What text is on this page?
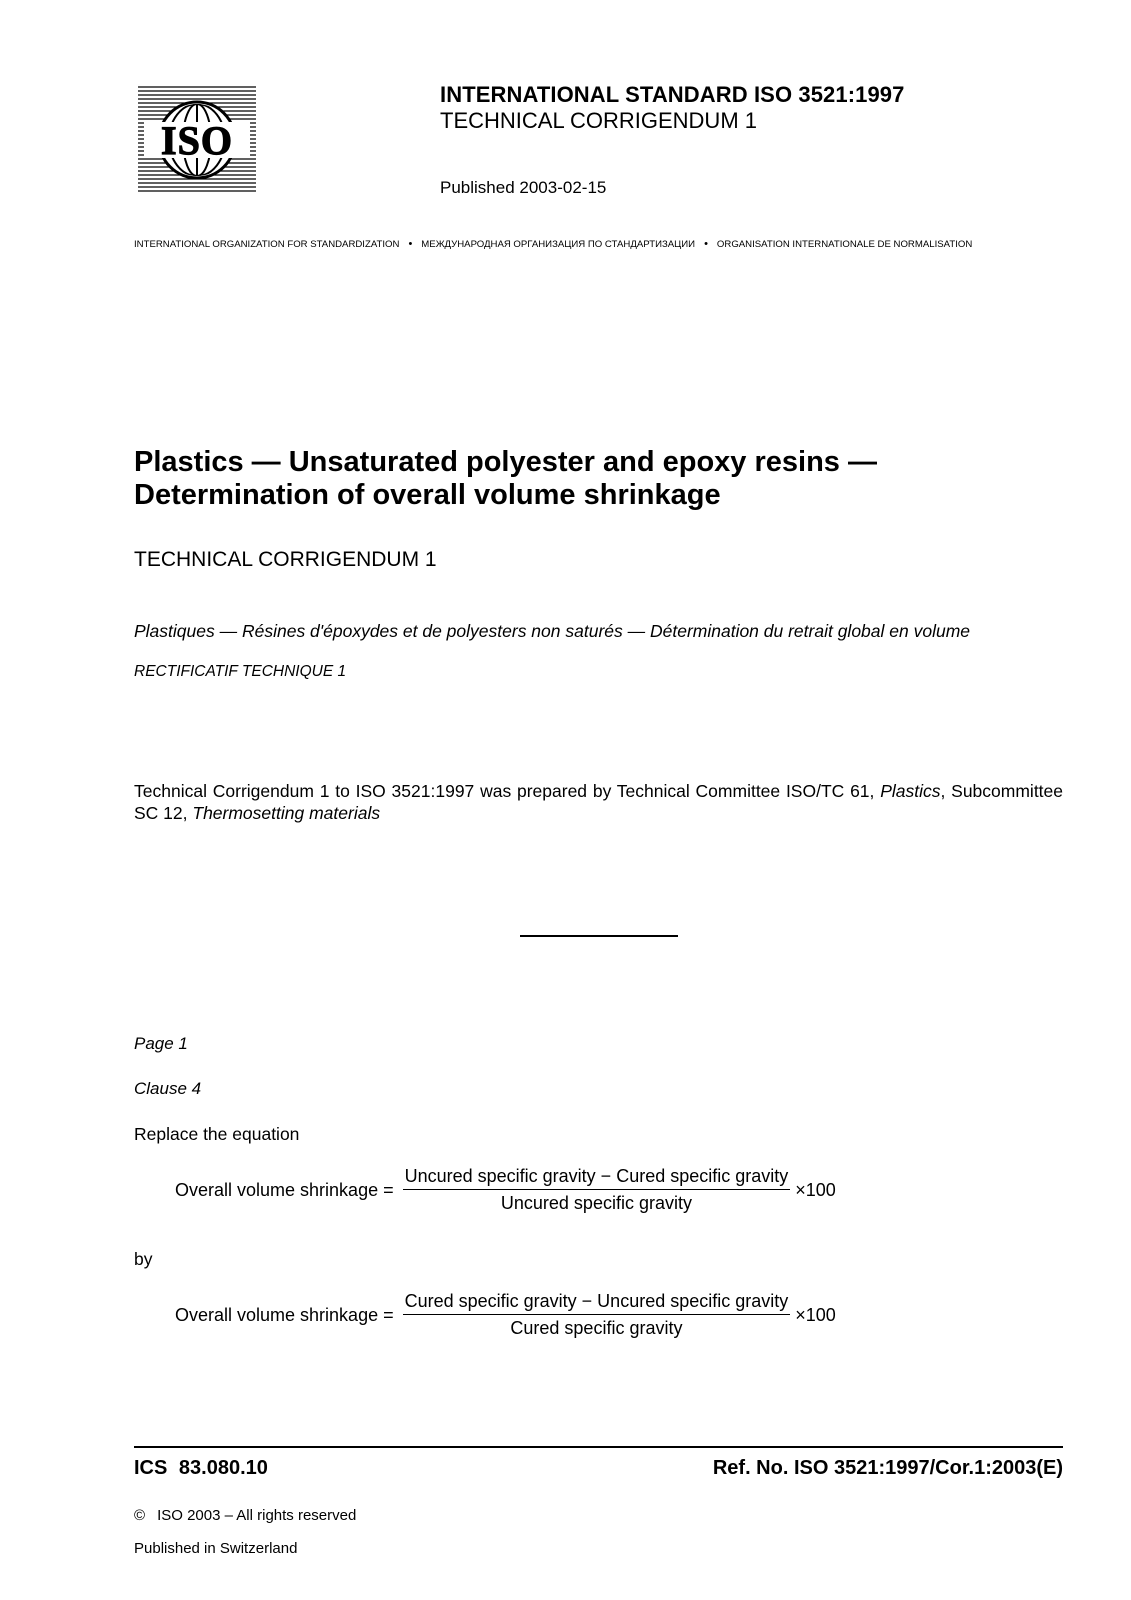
ISO
INTERNATIONAL STANDARD ISO 3521:1997
TECHNICAL CORRIGENDUM 1
Published 2003-02-15
INTERNATIONAL ORGANIZATION FOR STANDARDIZATION • МЕЖДУНАРОДНАЯ ОРГАНИЗАЦИЯ ПО СТАНДАРТИЗАЦИИ • ORGANISATION INTERNATIONALE DE NORMALISATION
Plastics — Unsaturated polyester and epoxy resins —
Determination of overall volume shrinkage
TECHNICAL CORRIGENDUM 1
Plastiques — Résines d'époxydes et de polyesters non saturés — Détermination du retrait global en volume
RECTIFICATIF TECHNIQUE 1
Technical Corrigendum 1 to ISO 3521:1997 was prepared by Technical Committee ISO/TC 61, Plastics, Subcommittee SC 12, Thermosetting materials
Page 1
Clause 4
Replace the equation
Overall volume shrinkage = $\frac{\text{Uncured specific gravity − Cured specific gravity}}{\text{Uncured specific gravity}} \times 100$
by
Overall volume shrinkage = $\frac{\text{Cured specific gravity − Uncured specific gravity}}{\text{Cured specific gravity}} \times 100$
ICS 83.080.10	Ref. No. ISO 3521:1997/Cor.1:2003(E)
© ISO 2003 – All rights reserved
Published in Switzerland
